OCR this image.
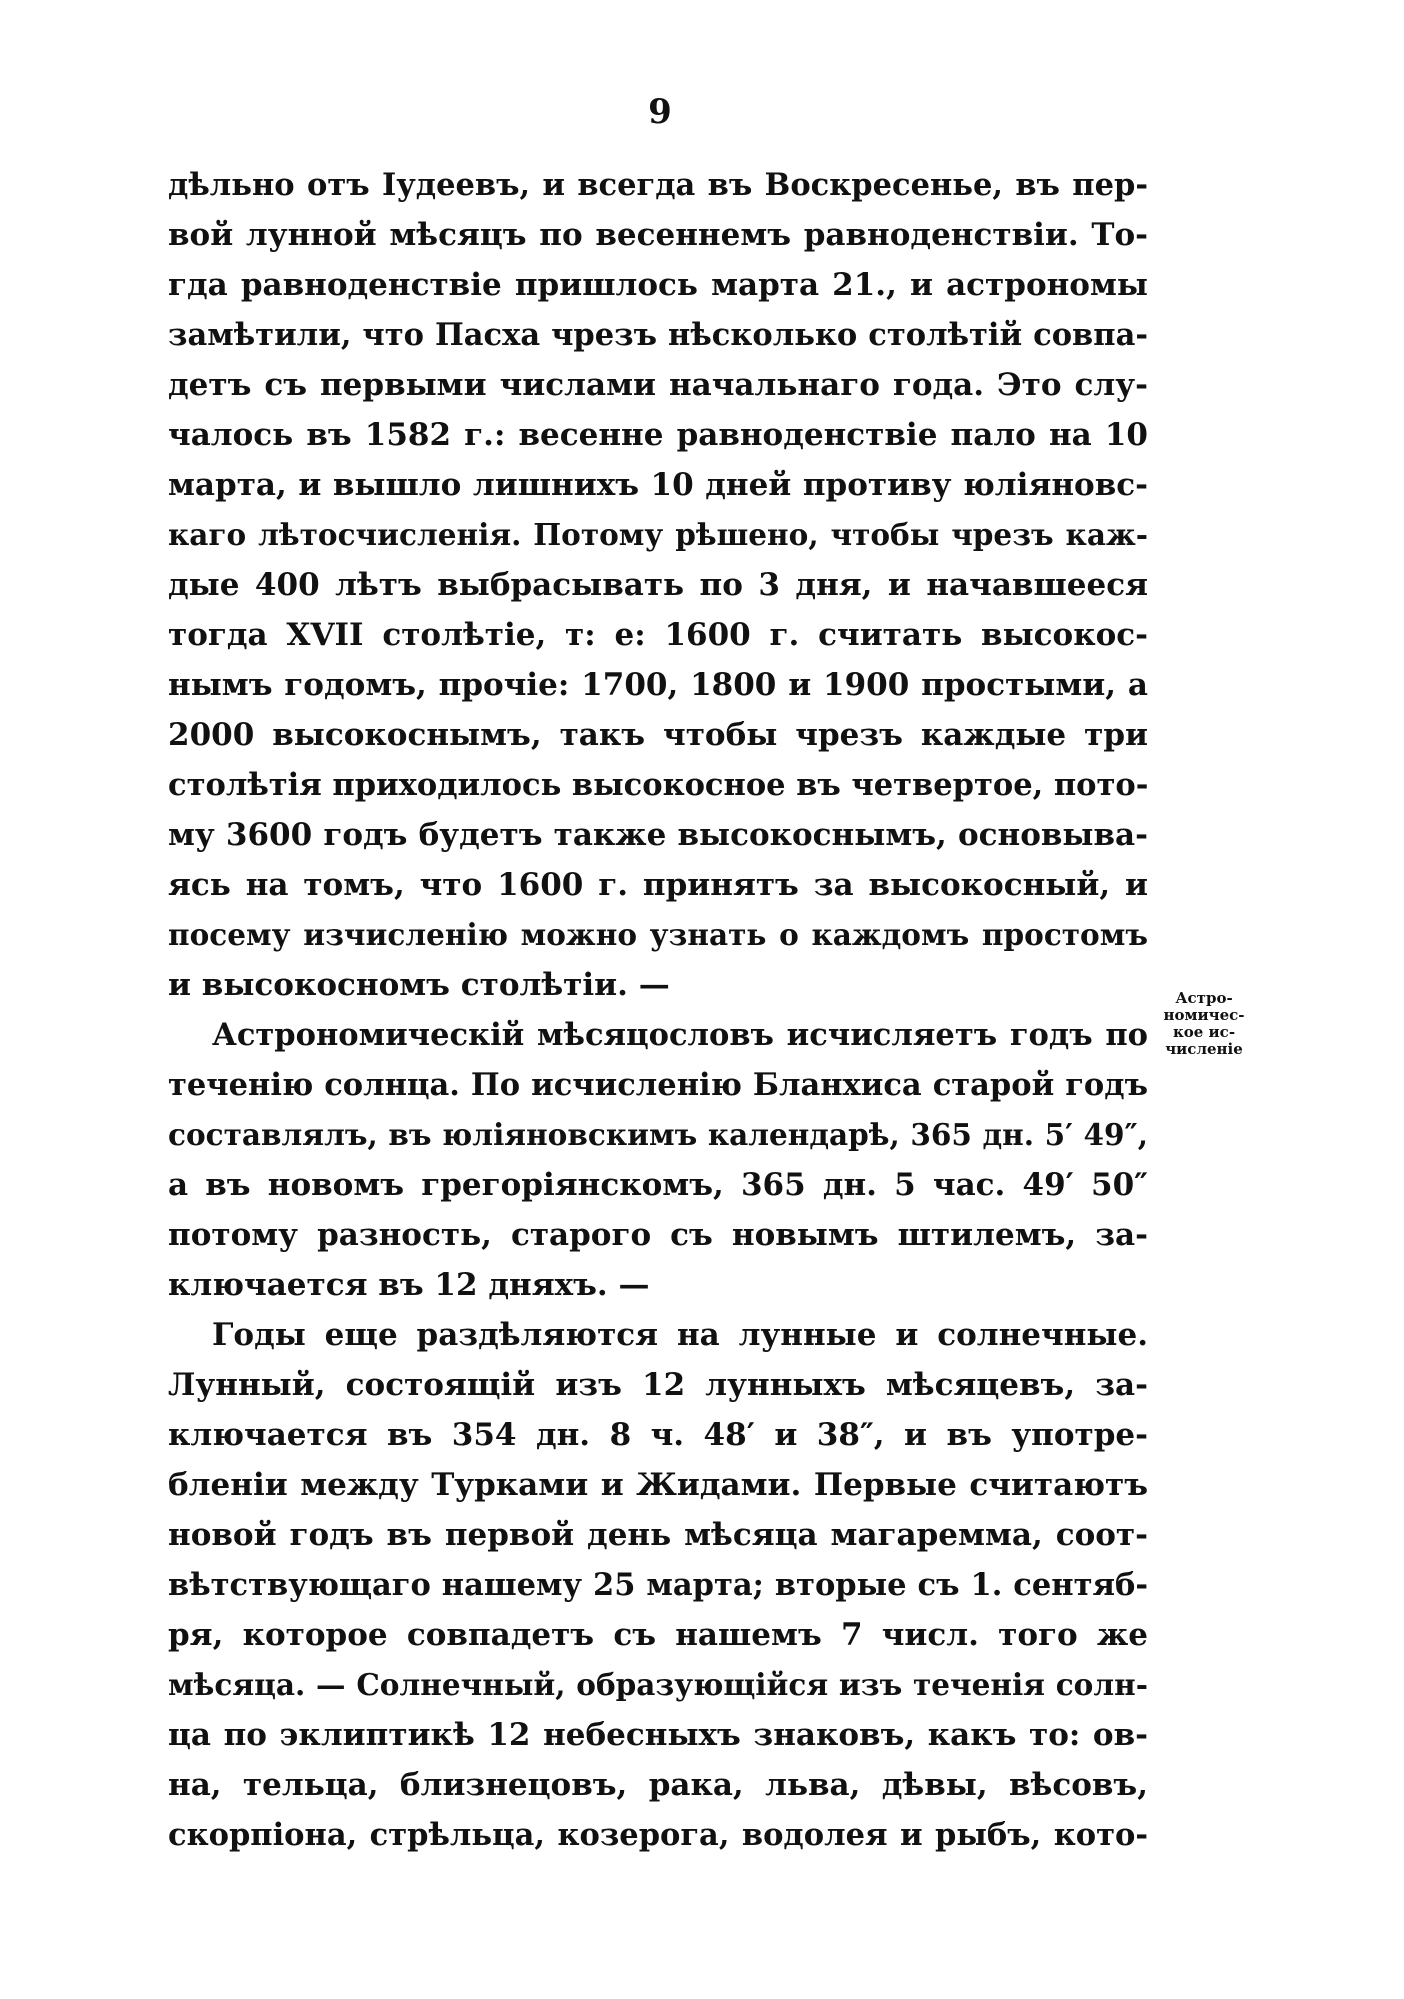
9
дѣльно отъ Іудеевъ, и всегда въ Воскресенье, въ пер-
вой лунной мѣсяцъ по весеннемъ равноденствіи. То-
гда равноденствіе пришлось марта 21., и астрономы
замѣтили, что Пасха чрезъ нѣсколько столѣтій совпа-
детъ съ первыми числами начальнаго года. Это слу-
чалось въ 1582 г.: весенне равноденствіе пало на 10
марта, и вышло лишнихъ 10 дней противу юліяновс-
каго лѣтосчисленія. Потому рѣшено, чтобы чрезъ каж-
дые 400 лѣтъ выбрасывать по 3 дня, и начавшееся
тогда XVII столѣтіе, т: е: 1600 г. считать высокос-
нымъ годомъ, прочіе: 1700, 1800 и 1900 простыми, а
2000 высокоснымъ, такъ чтобы чрезъ каждые три
столѣтія приходилось высокосное въ четвертое, пото-
му 3600 годъ будетъ также высокоснымъ, основыва-
ясь на томъ, что 1600 г. принятъ за высокосный, и
посему изчисленію можно узнать о каждомъ простомъ
и высокосномъ столѣтіи. —
Астрономическій мѣсяцословъ исчисляетъ годъ по
теченію солнца. По исчисленію Бланхиса старой годъ
составлялъ, въ юліяновскимъ календарѣ, 365 дн. 5′ 49″,
а въ новомъ грегоріянскомъ, 365 дн. 5 час. 49′ 50″
потому разность, старого съ новымъ штилемъ, за-
ключается въ 12 дняхъ. —
Годы еще раздѣляются на лунные и солнечные.
Лунный, состоящій изъ 12 лунныхъ мѣсяцевъ, за-
ключается въ 354 дн. 8 ч. 48′ и 38″, и въ употре-
бленіи между Турками и Жидами. Первые считаютъ
новой годъ въ первой день мѣсяца магаремма, соот-
вѣтствующаго нашему 25 марта; вторые съ 1. сентяб-
ря, которое совпадетъ съ нашемъ 7 числ. того же
мѣсяца. — Солнечный, образующійся изъ теченія солн-
ца по эклиптикѣ 12 небесныхъ знаковъ, какъ то: ов-
на, тельца, близнецовъ, рака, льва, дѣвы, вѣсовъ,
скорпіона, стрѣльца, козерога, водолея и рыбъ, кото-
Астро-
номичес-
кое ис-
численіе
